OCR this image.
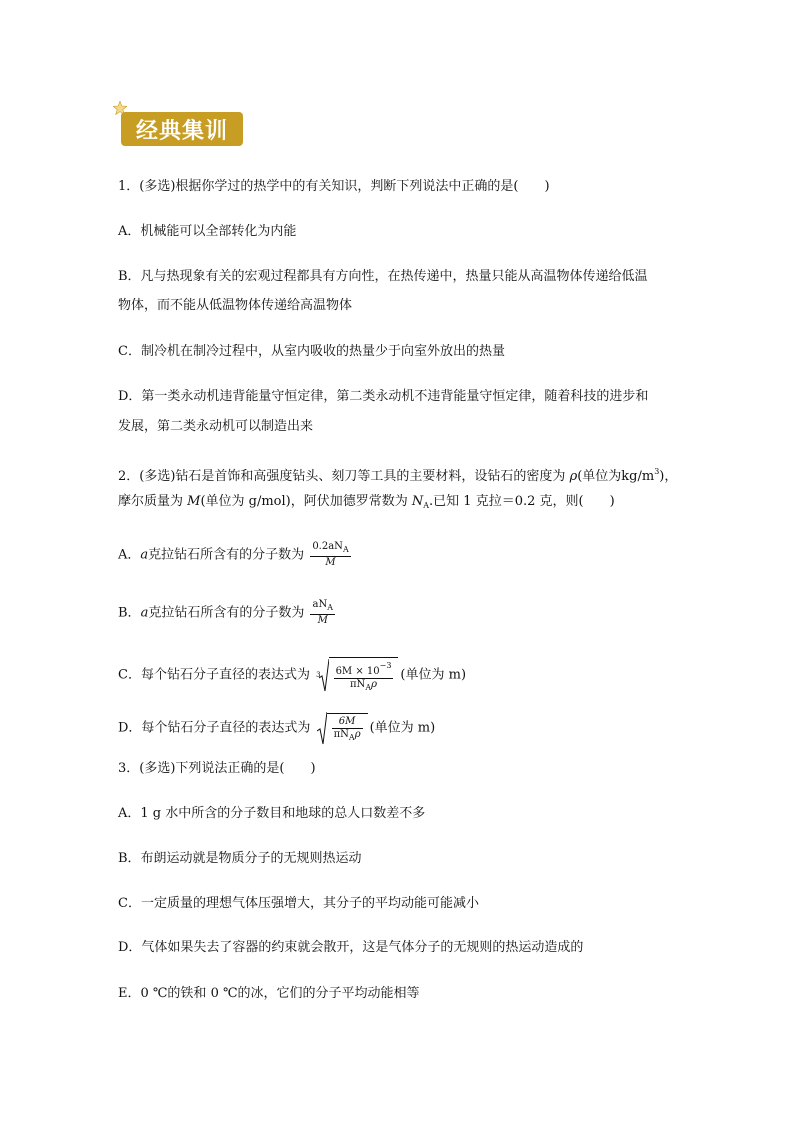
经典集训
1．(多选)根据你学过的热学中的有关知识，判断下列说法中正确的是(　　)
A．机械能可以全部转化为内能
B．凡与热现象有关的宏观过程都具有方向性，在热传递中，热量只能从高温物体传递给低温
物体，而不能从低温物体传递给高温物体
C．制冷机在制冷过程中，从室内吸收的热量少于向室外放出的热量
D．第一类永动机违背能量守恒定律，第二类永动机不违背能量守恒定律，随着科技的进步和
发展，第二类永动机可以制造出来
2．(多选)钻石是首饰和高强度钻头、刻刀等工具的主要材料，设钻石的密度为 ρ(单位为$kg/m^3$)，
摩尔质量为 M(单位为 g/mol)，阿伏加德罗常数为 $N_A$.已知 1 克拉＝0.2 克，则(　　)
A．a克拉钻石所含有的分子数为 $\frac{0.2aN_A}{M}$
B．a克拉钻石所含有的分子数为 $\frac{aN_A}{M}$
C．每个钻石分子直径的表达式为 $3 \frac{6M \times 10^{-3}}{\pi N_A\rho}$ (单位为 m)
D．每个钻石分子直径的表达式为 $\frac{6M}{\pi N_A\rho}$ (单位为 m)
3．(多选)下列说法正确的是(　　)
A．1 g 水中所含的分子数目和地球的总人口数差不多
B．布朗运动就是物质分子的无规则热运动
C．一定质量的理想气体压强增大，其分子的平均动能可能减小
D．气体如果失去了容器的约束就会散开，这是气体分子的无规则的热运动造成的
E．0 ℃的铁和 0 ℃的冰，它们的分子平均动能相等
